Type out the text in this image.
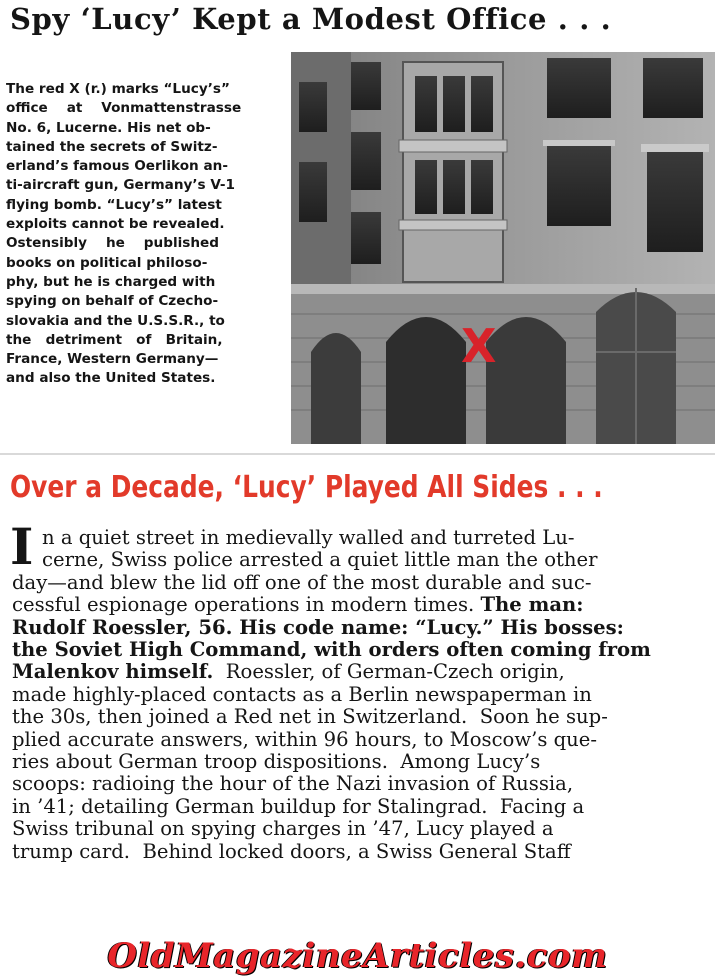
Spy ‘Lucy’ Kept a Modest Office . . .
The red X (r.) marks “Lucy’s”
office    at    Vonmattenstrasse
No. 6, Lucerne. His net ob-
tained the secrets of Switz-
erland’s famous Oerlikon an-
ti-aircraft gun, Germany’s V-1
flying bomb. “Lucy’s” latest
exploits cannot be revealed.
Ostensibly    he    published
books on political philoso-
phy, but he is charged with
spying on behalf of Czecho-
slovakia and the U.S.S.R., to
the   detriment   of   Britain,
France, Western Germany—
and also the United States.
X
Over a Decade, ‘Lucy’ Played All Sides . . .
I n a quiet street in medievally walled and turreted Lu-
cerne, Swiss police arrested a quiet little man the other
day—and blew the lid off one of the most durable and suc-
cessful espionage operations in modern times. The man:
Rudolf Roessler, 56. His code name: “Lucy.” His bosses:
the Soviet High Command, with orders often coming from
Malenkov himself.  Roessler, of German-Czech origin,
made highly-placed contacts as a Berlin newspaperman in
the 30s, then joined a Red net in Switzerland.  Soon he sup-
plied accurate answers, within 96 hours, to Moscow’s que-
ries about German troop dispositions.  Among Lucy’s
scoops: radioing the hour of the Nazi invasion of Russia,
in ’41; detailing German buildup for Stalingrad.  Facing a
Swiss tribunal on spying charges in ’47, Lucy played a
trump card.  Behind locked doors, a Swiss General Staff
OldMagazineArticles.com
